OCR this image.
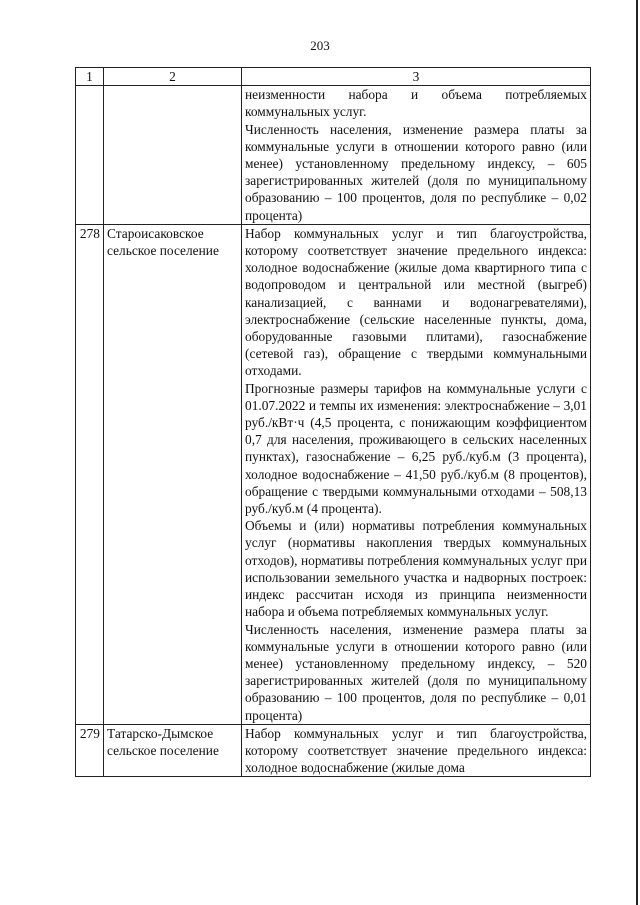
203
1	2	3

		неизменности набора и объема потребляемых коммунальных услуг.

Численность населения, изменение размера платы за коммунальные услуги в отношении которого равно (или менее) установленному предельному индексу, – 605 зарегистрированных жителей (доля по муниципальному образованию – 100 процентов, доля по республике – 0,02 процента)

278	Староисаковское сельское поселение	Набор коммунальных услуг и тип благоустройства, которому соответствует значение предельного индекса: холодное водоснабжение (жилые дома квартирного типа с водопроводом и центральной или местной (выгреб) канализацией, с ваннами и водонагревателями), электроснабжение (сельские населенные пункты, дома, оборудованные газовыми плитами), газоснабжение (сетевой газ), обращение с твердыми коммунальными отходами.

Прогнозные размеры тарифов на коммунальные услуги с 01.07.2022 и темпы их изменения: электроснабжение – 3,01 руб./кВт·ч (4,5 процента, с понижающим коэффициентом 0,7 для населения, проживающего в сельских населенных пунктах), газоснабжение – 6,25 руб./куб.м (3 процента), холодное водоснабжение – 41,50 руб./куб.м (8 процентов), обращение с твердыми коммунальными отходами – 508,13 руб./куб.м (4 процента).

Объемы и (или) нормативы потребления коммунальных услуг (нормативы накопления твердых коммунальных отходов), нормативы потребления коммунальных услуг при использовании земельного участка и надворных построек: индекс рассчитан исходя из принципа неизменности набора и объема потребляемых коммунальных услуг.

Численность населения, изменение размера платы за коммунальные услуги в отношении которого равно (или менее) установленному предельному индексу, – 520 зарегистрированных жителей (доля по муниципальному образованию – 100 процентов, доля по республике – 0,01 процента)

279	Татарско-Дымское сельское поселение	Набор коммунальных услуг и тип благоустройства, которому соответствует значение предельного индекса: холодное водоснабжение (жилые дома
